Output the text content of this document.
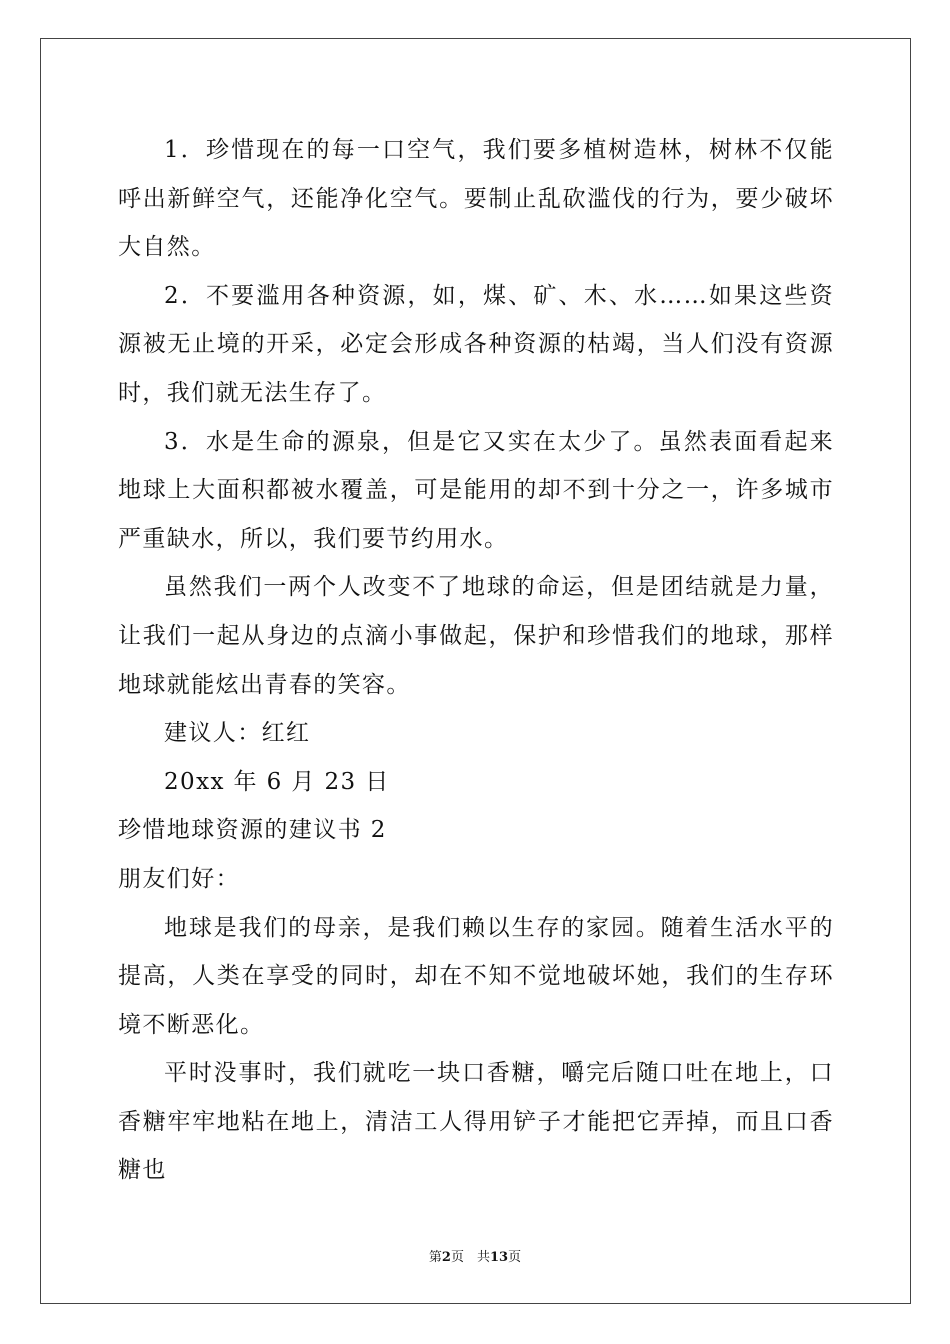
1．珍惜现在的每一口空气，我们要多植树造林，树林不仅能呼出新鲜空气，还能净化空气。要制止乱砍滥伐的行为，要少破坏大自然。

2．不要滥用各种资源，如，煤、矿、木、水……如果这些资源被无止境的开采，必定会形成各种资源的枯竭，当人们没有资源时，我们就无法生存了。

3．水是生命的源泉，但是它又实在太少了。虽然表面看起来地球上大面积都被水覆盖，可是能用的却不到十分之一，许多城市严重缺水，所以，我们要节约用水。

虽然我们一两个人改变不了地球的命运，但是团结就是力量，让我们一起从身边的点滴小事做起，保护和珍惜我们的地球，那样地球就能炫出青春的笑容。

建议人：红红

20xx 年 6 月 23 日

珍惜地球资源的建议书 2

朋友们好：

地球是我们的母亲，是我们赖以生存的家园。随着生活水平的提高，人类在享受的同时，却在不知不觉地破坏她，我们的生存环境不断恶化。

平时没事时，我们就吃一块口香糖，嚼完后随口吐在地上，口香糖牢牢地粘在地上，清洁工人得用铲子才能把它弄掉，而且口香糖也

第2页　共13页
